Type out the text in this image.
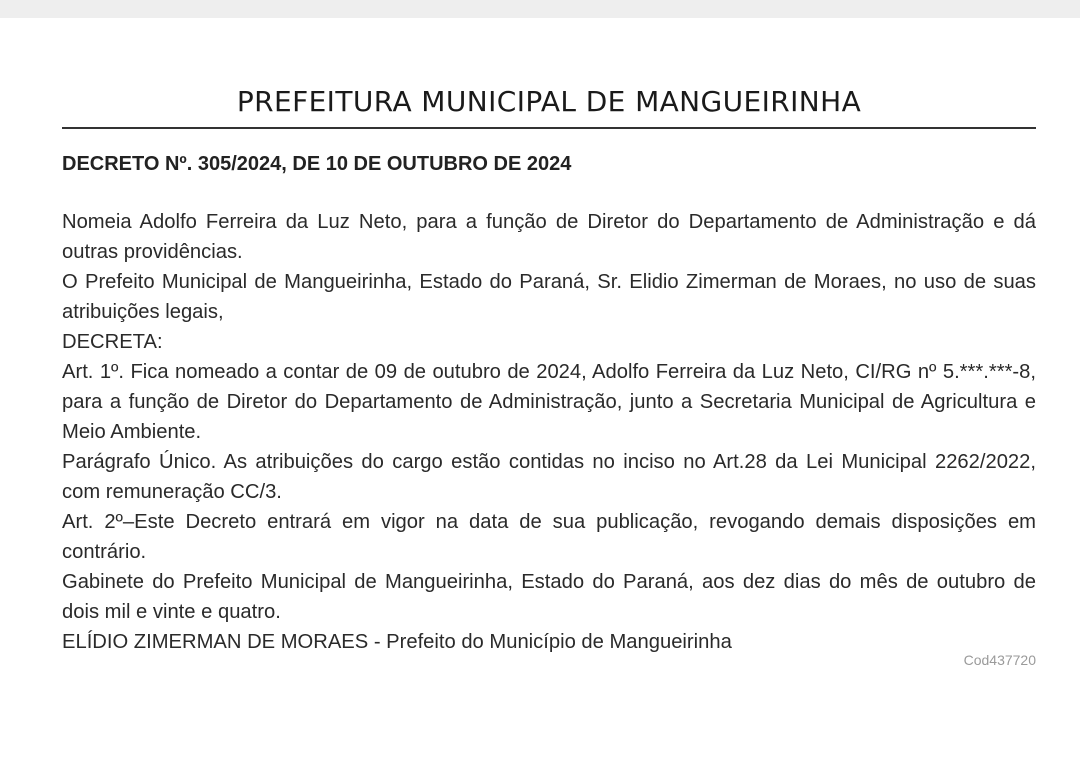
PREFEITURA MUNICIPAL DE MANGUEIRINHA
DECRETO Nº. 305/2024, DE 10 DE OUTUBRO DE 2024

Nomeia Adolfo Ferreira da Luz Neto, para a função de Diretor do Departamento de Administração e dá outras providências.

O Prefeito Municipal de Mangueirinha, Estado do Paraná, Sr. Elidio Zimerman de Moraes, no uso de suas atribuições legais,

DECRETA:

Art. 1º. Fica nomeado a contar de 09 de outubro de 2024, Adolfo Ferreira da Luz Neto, CI/RG nº 5.***.***-8, para a função de Diretor do Departamento de Administração, junto a Secretaria Municipal de Agricultura e Meio Ambiente.

Parágrafo Único. As atribuições do cargo estão contidas no inciso no Art.28 da Lei Municipal 2262/2022, com remuneração CC/3.

Art. 2º–Este Decreto entrará em vigor na data de sua publicação, revogando demais disposições em contrário.

Gabinete do Prefeito Municipal de Mangueirinha, Estado do Paraná, aos dez dias do mês de outubro de dois mil e vinte e quatro.

ELÍDIO ZIMERMAN DE MORAES - Prefeito do Município de Mangueirinha

Cod437720
